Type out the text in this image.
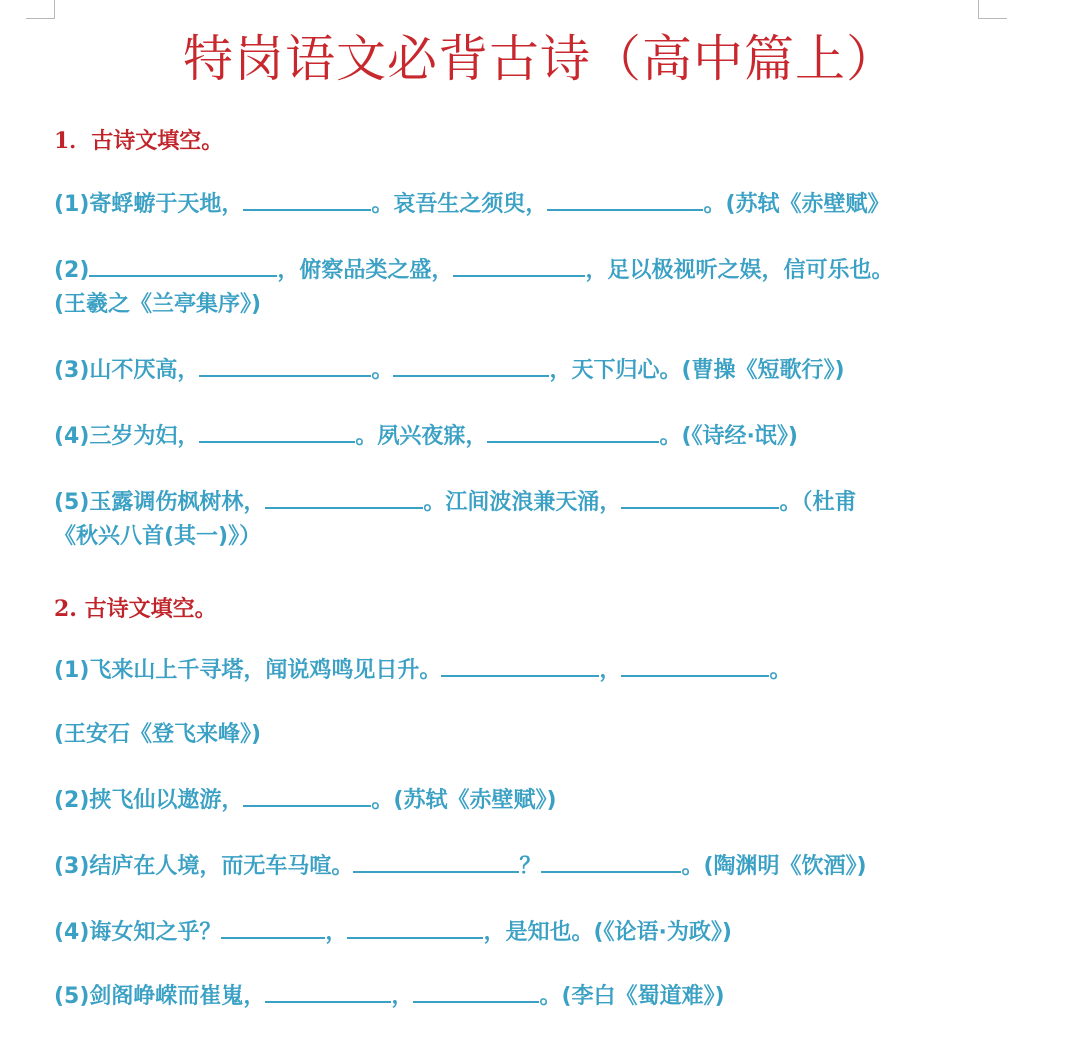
特岗语文必背古诗（高中篇上）
1．古诗文填空。
(1)寄蜉蝣于天地，	。哀吾生之须臾，	。(苏轼《赤壁赋》
(2)	，俯察品类之盛，	，足以极视听之娱，信可乐也。
(王羲之《兰亭集序》)
(3)山不厌高，	。	，天下归心。(曹操《短歌行》)
(4)三岁为妇，	。夙兴夜寐，	。(《诗经·氓》)
(5)玉露调伤枫树林，	。江间波浪兼天涌，	。（杜甫
《秋兴八首(其一)》）
2. 古诗文填空。
(1)飞来山上千寻塔，闻说鸡鸣见日升。	，	。
(王安石《登飞来峰》)
(2)挟飞仙以遨游，	。(苏轼《赤壁赋》)
(3)结庐在人境，而无车马喧。	？	。(陶渊明《饮酒》)
(4)诲女知之乎？	，	，是知也。(《论语·为政》)
(5)剑阁峥嵘而崔嵬，	，	。(李白《蜀道难》)
